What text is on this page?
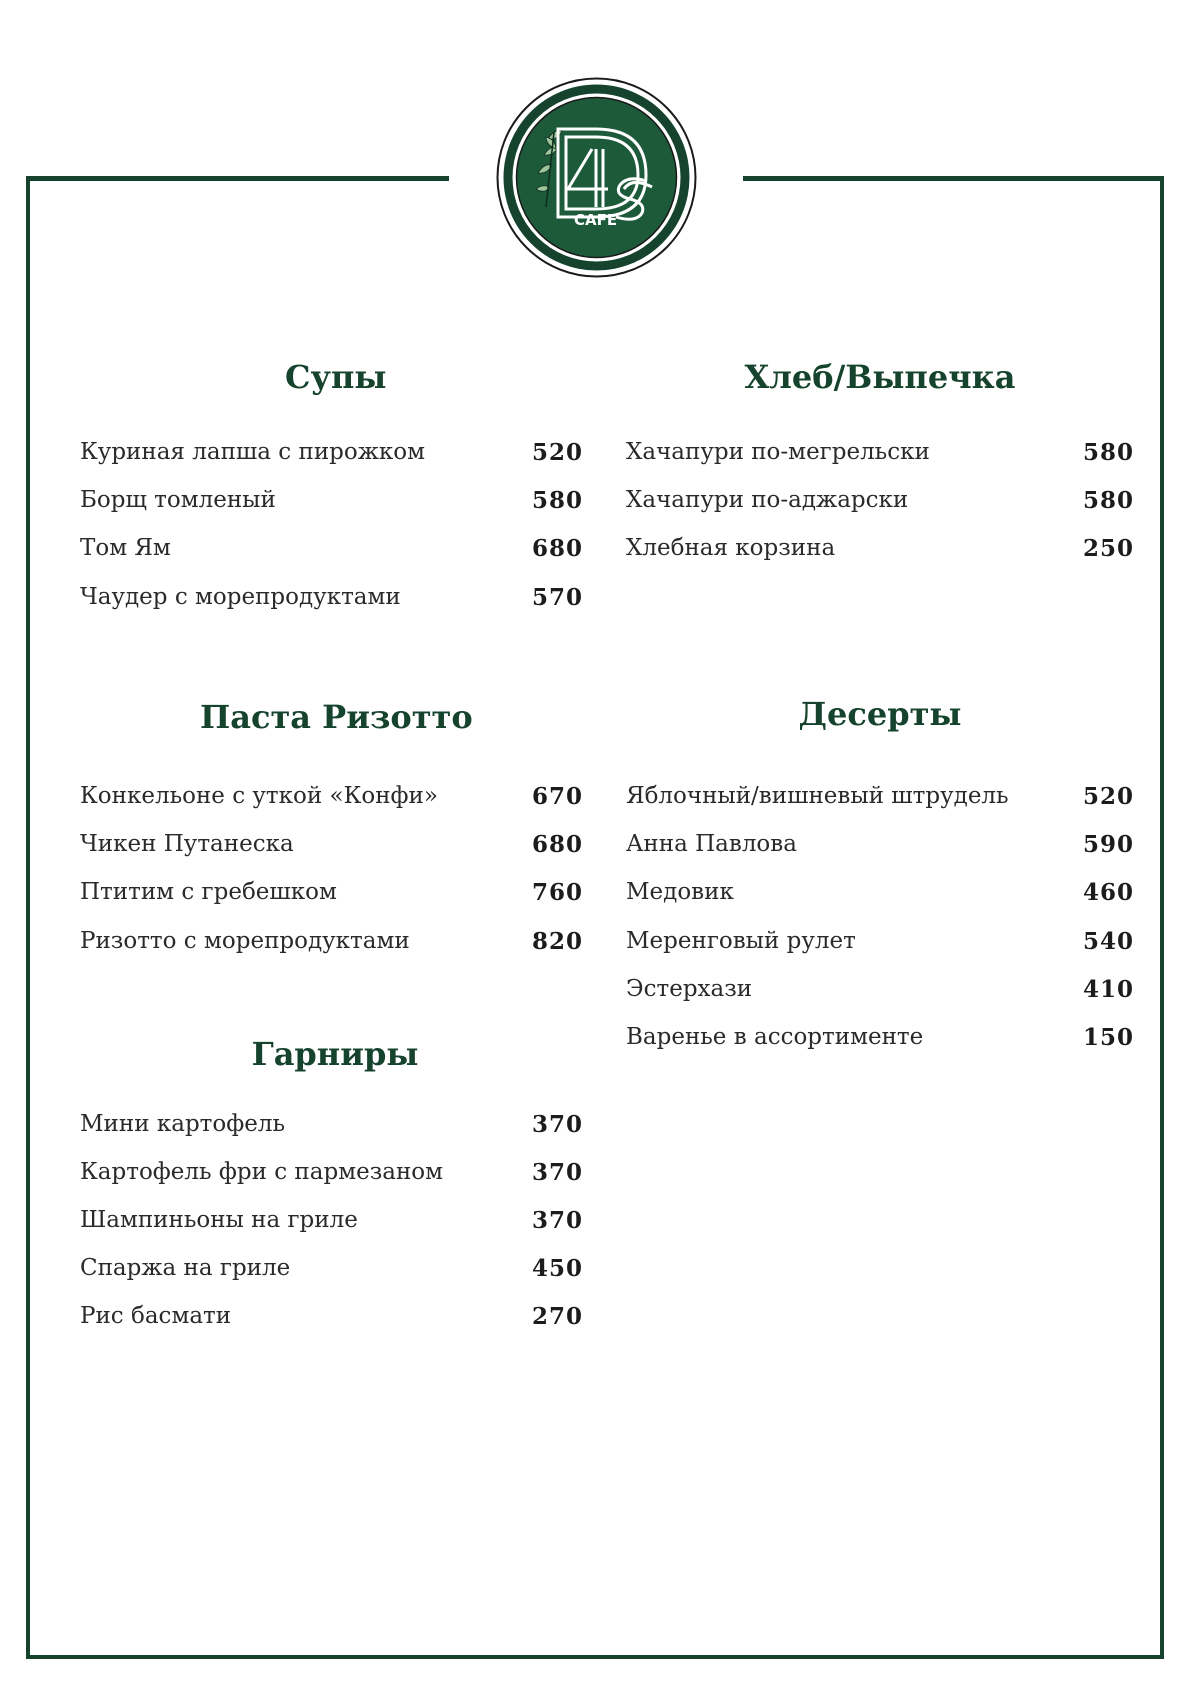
CAFE
Супы
Куриная лапша с пирожком	520
Борщ томленый	580
Том Ям	680
Чаудер с морепродуктами	570
Паста Ризотто
Конкельоне с уткой «Конфи»	670
Чикен Путанеска	680
Птитим с гребешком	760
Ризотто с морепродуктами	820
Гарниры
Мини картофель	370
Картофель фри с пармезаном	370
Шампиньоны на гриле	370
Спаржа на гриле	450
Рис басмати	270
Хлеб/Выпечка
Хачапури по-мегрельски	580
Хачапури по-аджарски	580
Хлебная корзина	250
Десерты
Яблочный/вишневый штрудель	520
Анна Павлова	590
Медовик	460
Меренговый рулет	540
Эстерхази	410
Варенье в ассортименте	150
